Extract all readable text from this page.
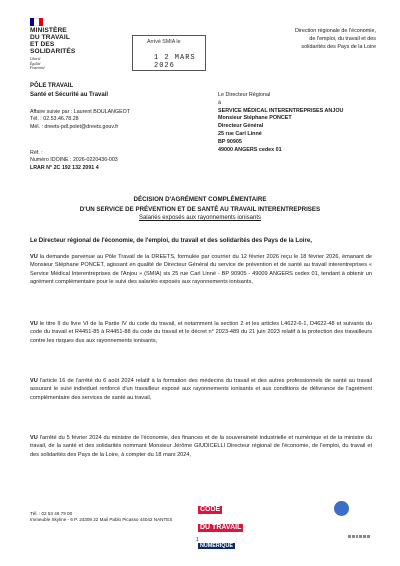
MINISTÈRE
DU TRAVAIL
ET DES SOLIDARITÉS
Liberté
Égalité
Fraternité
Arrivé SMIA le
1 2 MARS 2026
Direction régionale de l'économie,
de l'emploi, du travail et des
solidarités des Pays de la Loire
PÔLE TRAVAIL
Santé et Sécurité au Travail
Affaire suivie par : Laurent BOULANGEOT
Tél. : 02.53.46.78.28
Mél. : dreets-pdl.polet@dreets.gouv.fr
Réf. :
Numéro IDOINE : 2026-0220436-003
LRAR N° 2C 192 132 2091 4
Le Directeur Régional
à
SERVICE MÉDICAL INTERENTREPRISES ANJOU
Monsieur Stéphane PONCET
Directeur Général
25 rue Carl Linné
BP 90905
49000 ANGERS cedex 01
DÉCISION D'AGRÉMENT COMPLÉMENTAIRE
D'UN SERVICE DE PRÉVENTION ET DE SANTÉ AU TRAVAIL INTERENTREPRISES
Salariés exposés aux rayonnements ionisants
Le Directeur régional de l'économie, de l'emploi, du travail et des solidarités des Pays de la Loire,
VU la demande parvenue au Pôle Travail de la DREETS, formulée par courrier du 12 février 2026 reçu le 18 février 2026, émanant de Monsieur Stéphane PONCET, agissant en qualité de Directeur Général du service de prévention et de santé au travail interentreprises « Service Médical Interentreprises de l'Anjou » (SMIA) sis 25 rue Carl Linné - BP 90905 - 49009 ANGERS cedex 01, tendant à obtenir un agrément complémentaire pour le suivi des salariés exposés aux rayonnements ionisants,
VU le titre II du livre VI de la Partie IV du code du travail, et notamment la section 2 et les articles L4622-6-1, D4622-48 et suivants du code du travail et R4451-85 à R4451-88 du code du travail et le décret n° 2023-489 du 21 juin 2023 relatif à la protection des travailleurs contre les risques dus aux rayonnements ionisants,
VU l'article 16 de l'arrêté du 6 août 2024 relatif à la formation des médecins du travail et des autres professionnels de santé au travail assurant le suivi individuel renforcé d'un travailleur exposé aux rayonnements ionisants et aux conditions de délivrance de l'agrément complémentaire des services de santé au travail,
VU l'arrêté du 5 février 2024 du ministre de l'économie, des finances et de la souveraineté industrielle et numérique et de la ministre du travail, de la santé et des solidarités nommant Monsieur Jérôme GIUDICELLI Directeur régional de l'économie, de l'emploi, du travail et des solidarités des Pays de la Loire, à compter du 18 mars 2024,
Tél. : 02 53 46 79 00
Immeuble Skyline - 6 P. 24309 22 Mail Pablo Picasso 44042 NANTES
CODE
DU TRAVAIL
NUMÉRIQUE
1
